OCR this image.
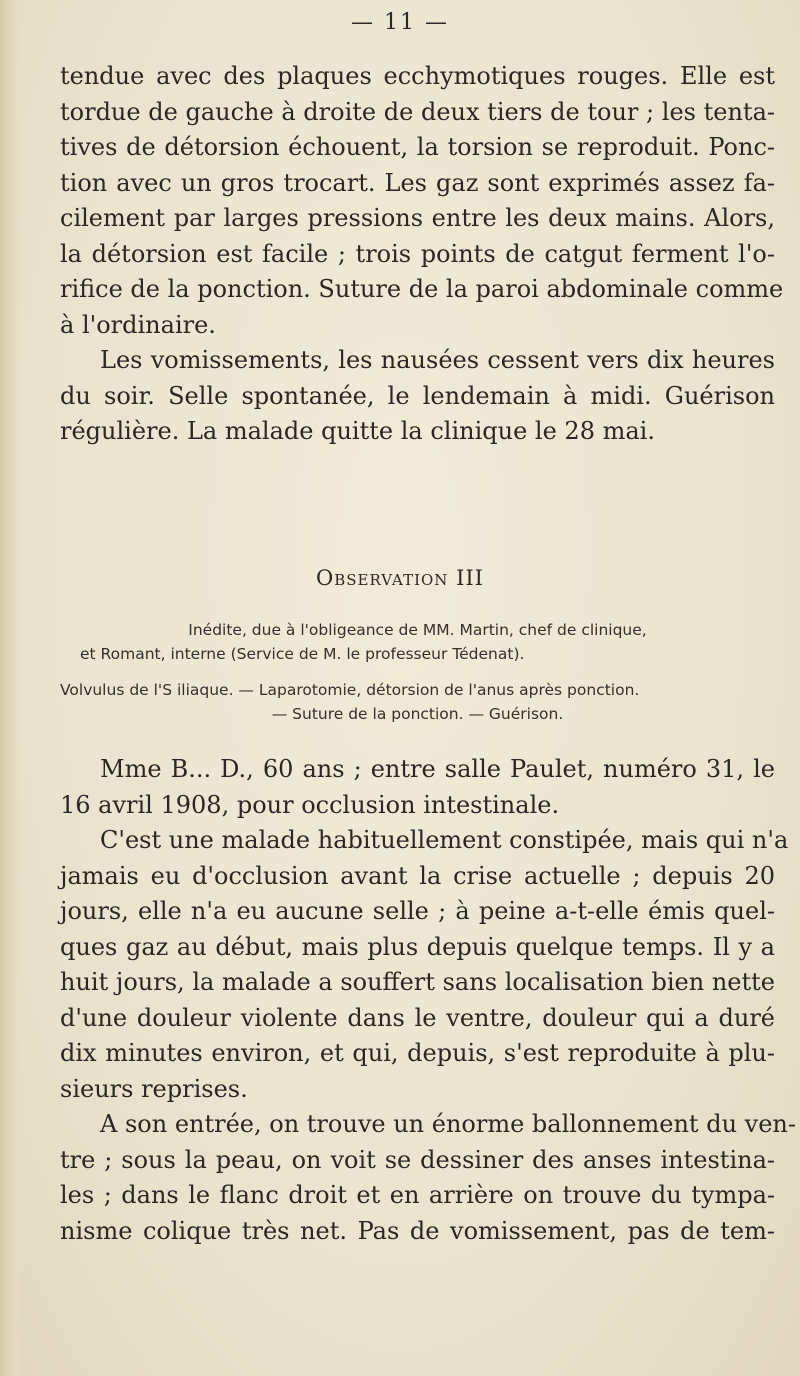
— 11 —
tendue avec des plaques ecchymotiques rouges. Elle est
tordue de gauche à droite de deux tiers de tour ; les tenta-
tives de détorsion échouent, la torsion se reproduit. Ponc-
tion avec un gros trocart. Les gaz sont exprimés assez fa-
cilement par larges pressions entre les deux mains. Alors,
la détorsion est facile ; trois points de catgut ferment l'o-
rifice de la ponction. Suture de la paroi abdominale comme
à l'ordinaire.
Les vomissements, les nausées cessent vers dix heures
du soir. Selle spontanée, le lendemain à midi. Guérison
régulière. La malade quitte la clinique le 28 mai.
Observation III
Inédite, due à l'obligeance de MM. Martin, chef de clinique,
et Romant, interne (Service de M. le professeur Tédenat).
Volvulus de l'S iliaque. — Laparotomie, détorsion de l'anus après ponction.
— Suture de la ponction. — Guérison.
Mme B... D., 60 ans ; entre salle Paulet, numéro 31, le
16 avril 1908, pour occlusion intestinale.
C'est une malade habituellement constipée, mais qui n'a
jamais eu d'occlusion avant la crise actuelle ; depuis 20
jours, elle n'a eu aucune selle ; à peine a-t-elle émis quel-
ques gaz au début, mais plus depuis quelque temps. Il y a
huit jours, la malade a souffert sans localisation bien nette
d'une douleur violente dans le ventre, douleur qui a duré
dix minutes environ, et qui, depuis, s'est reproduite à plu-
sieurs reprises.
A son entrée, on trouve un énorme ballonnement du ven-
tre ; sous la peau, on voit se dessiner des anses intestina-
les ; dans le flanc droit et en arrière on trouve du tympa-
nisme colique très net. Pas de vomissement, pas de tem-
